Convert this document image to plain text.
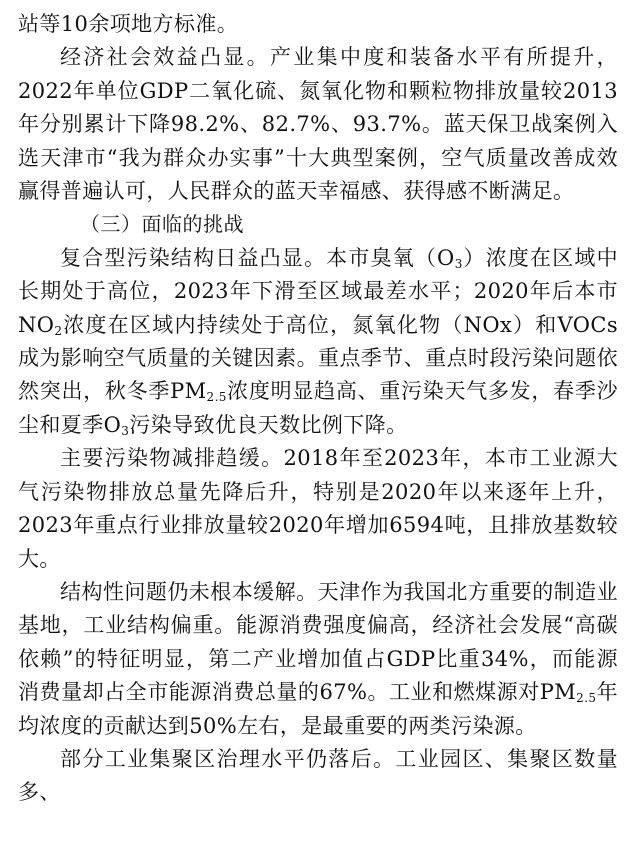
站等10余项地方标准。

经济社会效益凸显。产业集中度和装备水平有所提升，2022年单位GDP二氧化硫、氮氧化物和颗粒物排放量较2013年分别累计下降98.2%、82.7%、93.7%。蓝天保卫战案例入选天津市“我为群众办实事”十大典型案例，空气质量改善成效赢得普遍认可，人民群众的蓝天幸福感、获得感不断满足。

（三）面临的挑战

复合型污染结构日益凸显。本市臭氧$(O_3)$浓度在区域中长期处于高位，2023年下滑至区域最差水平；2020年后本市$NO_2$浓度在区域内持续处于高位，氮氧化物（NOx）和VOCs成为影响空气质量的关键因素。重点季节、重点时段污染问题依然突出，秋冬季$PM_{2.5}$浓度明显趋高、重污染天气多发，春季沙尘和夏季$O_3$污染导致优良天数比例下降。

主要污染物减排趋缓。2018年至2023年，本市工业源大气污染物排放总量先降后升，特别是2020年以来逐年上升，2023年重点行业排放量较2020年增加6594吨，且排放基数较大。

结构性问题仍未根本缓解。天津作为我国北方重要的制造业基地，工业结构偏重。能源消费强度偏高，经济社会发展“高碳依赖”的特征明显，第二产业增加值占GDP比重34%，而能源消费量却占全市能源消费总量的67%。工业和燃煤源对$PM_{2.5}$年均浓度的贡献达到50%左右，是最重要的两类污染源。

部分工业集聚区治理水平仍落后。工业园区、集聚区数量多、
